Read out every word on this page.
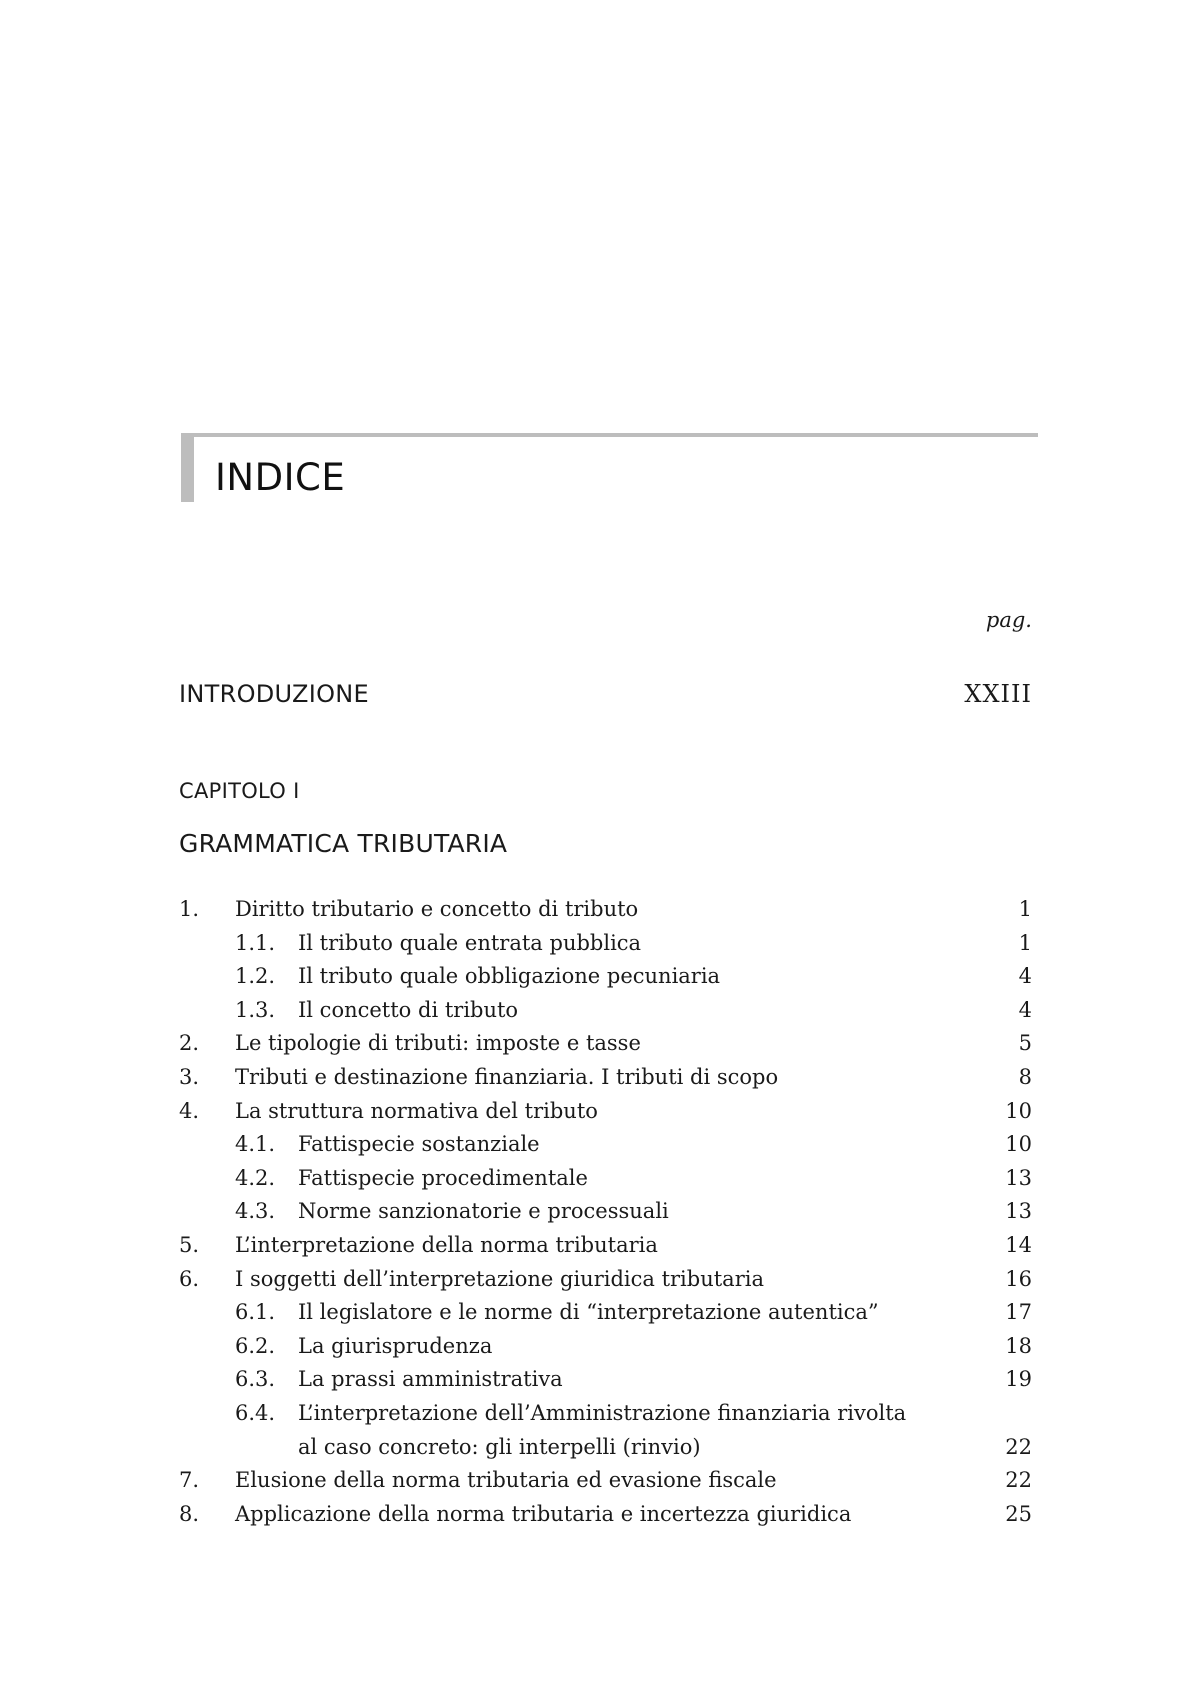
INDICE
pag.
INTRODUZIONE	XXIII
CAPITOLO I
GRAMMATICA TRIBUTARIA
1. Diritto tributario e concetto di tributo	1
1.1. Il tributo quale entrata pubblica	1
1.2. Il tributo quale obbligazione pecuniaria	4
1.3. Il concetto di tributo	4
2. Le tipologie di tributi: imposte e tasse	5
3. Tributi e destinazione finanziaria. I tributi di scopo	8
4. La struttura normativa del tributo	10
4.1. Fattispecie sostanziale	10
4.2. Fattispecie procedimentale	13
4.3. Norme sanzionatorie e processuali	13
5. L’interpretazione della norma tributaria	14
6. I soggetti dell’interpretazione giuridica tributaria	16
6.1. Il legislatore e le norme di “interpretazione autentica”	17
6.2. La giurisprudenza	18
6.3. La prassi amministrativa	19
6.4. L’interpretazione dell’Amministrazione finanziaria rivolta
al caso concreto: gli interpelli (rinvio)	22
7. Elusione della norma tributaria ed evasione fiscale	22
8. Applicazione della norma tributaria e incertezza giuridica	25
